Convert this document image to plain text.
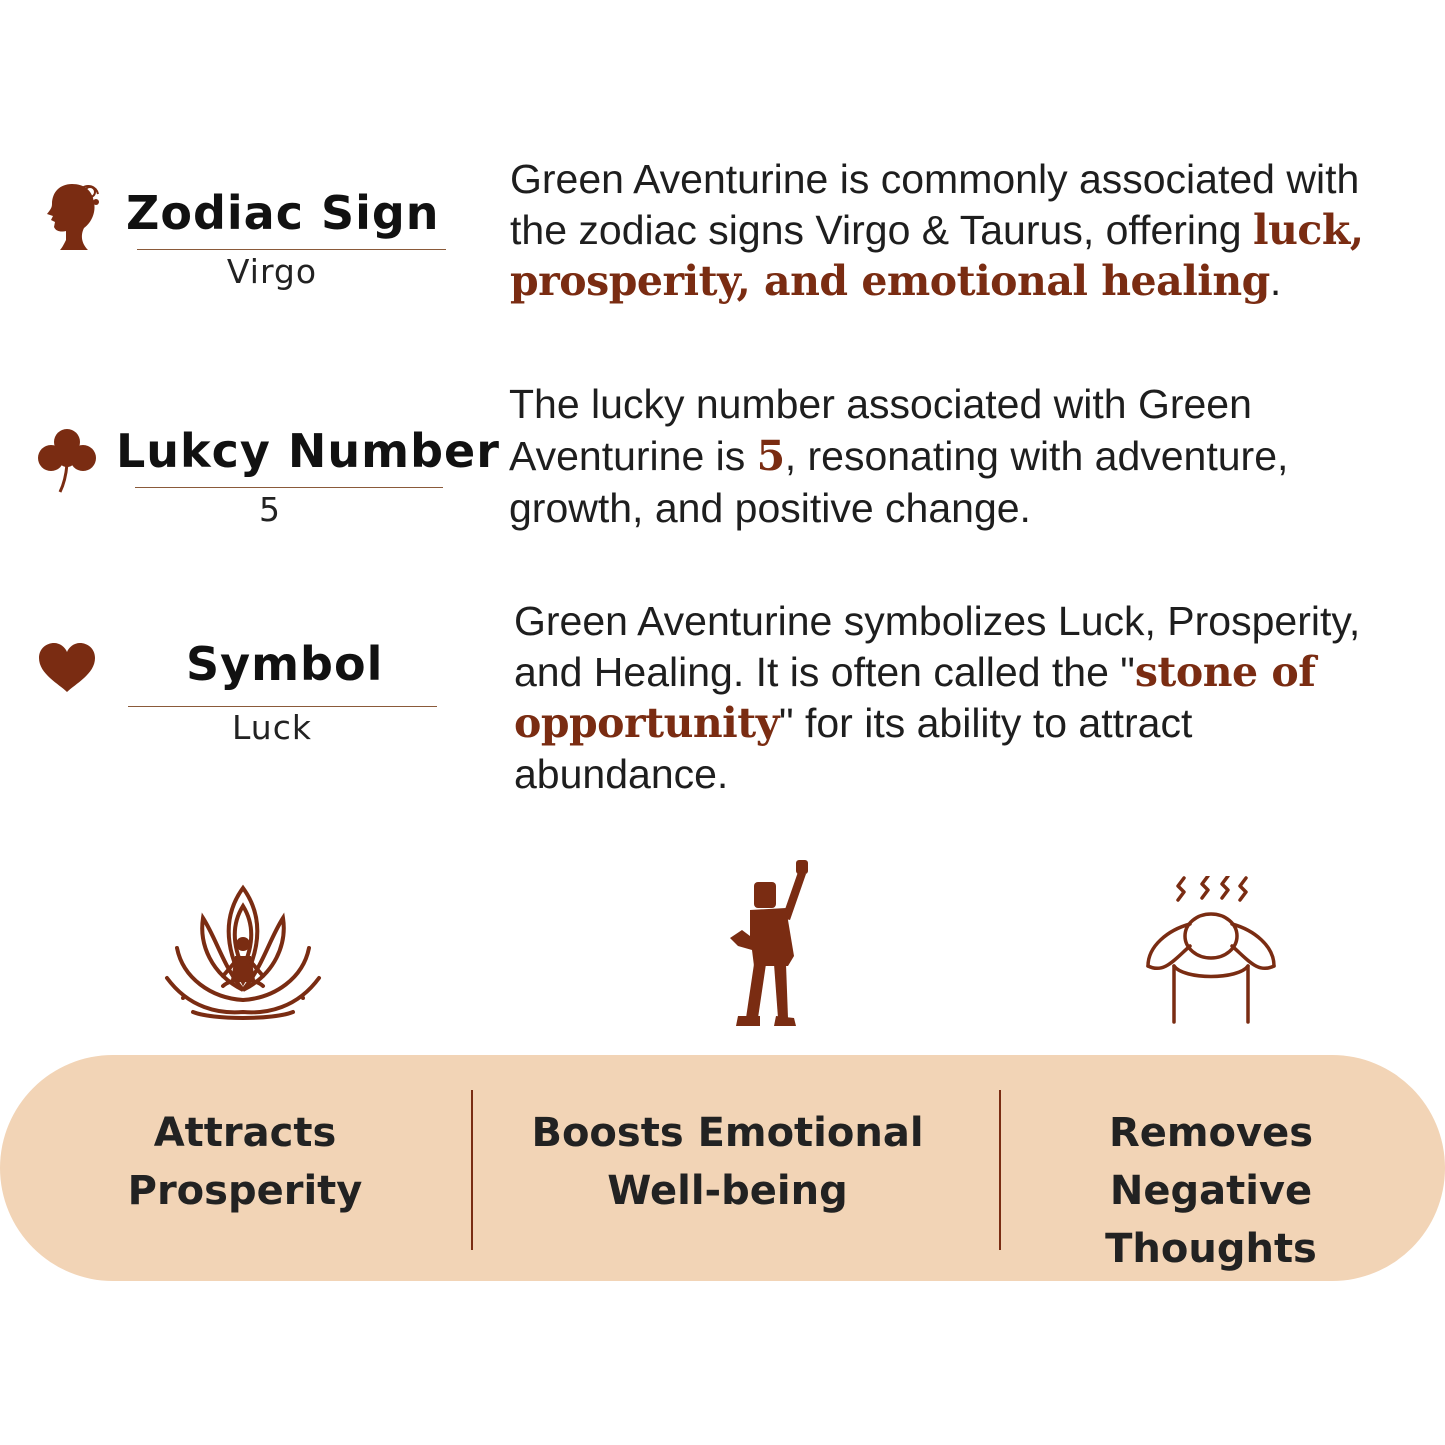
Zodiac Sign
Virgo
Green Aventurine is commonly associated with the zodiac signs Virgo & Taurus, offering luck, prosperity, and emotional healing.
Lukcy Number
5
The lucky number associated with Green Aventurine is 5, resonating with adventure, growth, and positive change.
Symbol
Luck
Green Aventurine symbolizes Luck, Prosperity, and Healing. It is often called the "stone of opportunity" for its ability to attract abundance.
Attracts
Prosperity
Boosts Emotional
Well-being
Removes Negative
Thoughts
